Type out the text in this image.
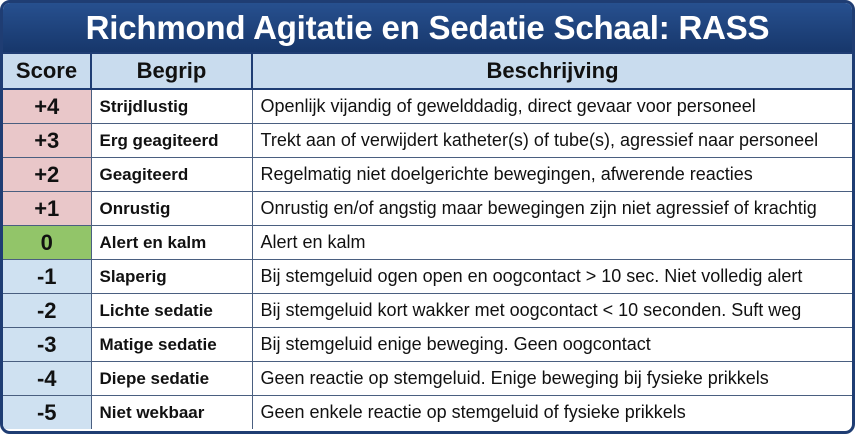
Richmond Agitatie en Sedatie Schaal: RASS
Score	Begrip	Beschrijving
+4	Strijdlustig	Openlijk vijandig of gewelddadig, direct gevaar voor personeel
+3	Erg geagiteerd	Trekt aan of verwijdert katheter(s) of tube(s), agressief naar personeel
+2	Geagiteerd	Regelmatig niet doelgerichte bewegingen, afwerende reacties
+1	Onrustig	Onrustig en/of angstig maar bewegingen zijn niet agressief of krachtig
0	Alert en kalm	Alert en kalm
-1	Slaperig	Bij stemgeluid ogen open en oogcontact > 10 sec. Niet volledig alert
-2	Lichte sedatie	Bij stemgeluid kort wakker met oogcontact < 10 seconden. Suft weg
-3	Matige sedatie	Bij stemgeluid enige beweging. Geen oogcontact
-4	Diepe sedatie	Geen reactie op stemgeluid. Enige beweging bij fysieke prikkels
-5	Niet wekbaar	Geen enkele reactie op stemgeluid of fysieke prikkels
